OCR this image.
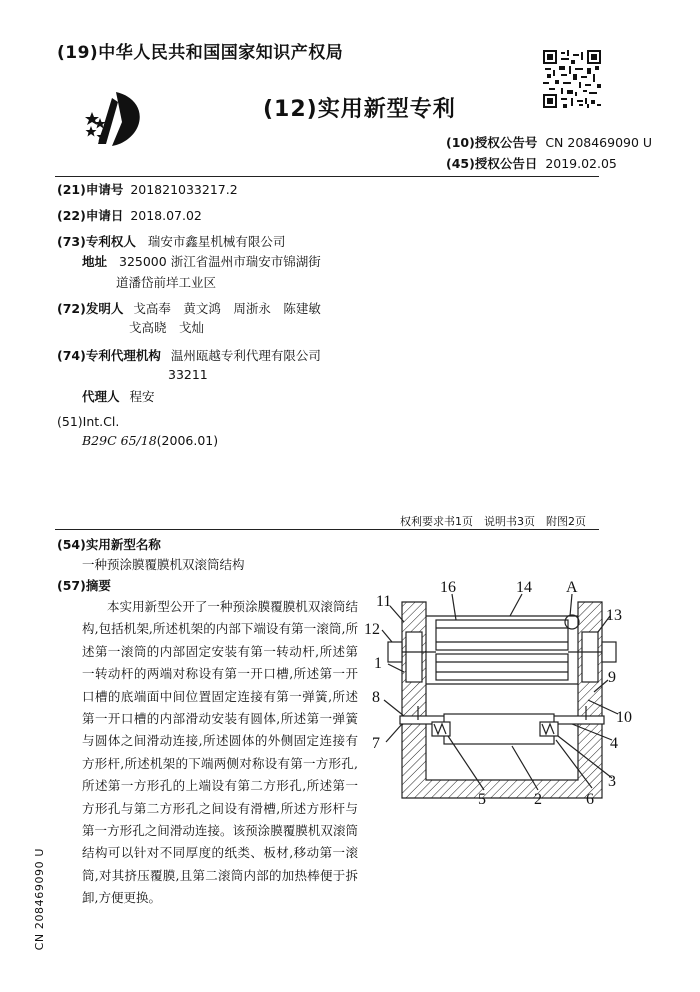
(19)中华人民共和国国家知识产权局
(12)实用新型专利
(10)授权公告号 CN 208469090 U
(45)授权公告日 2019.02.05
(21)申请号 201821033217.2
(22)申请日 2018.07.02
(73)专利权人 瑞安市鑫星机械有限公司
地址 325000 浙江省温州市瑞安市锦湖街
道潘岱前垟工业区
(72)发明人 戈高奉　黄文鸿　周浙永　陈建敏
戈高晓　戈灿
(74)专利代理机构 温州瓯越专利代理有限公司
33211
代理人 程安
(51)Int.Cl.
B29C 65/18(2006.01)
权利要求书1页　说明书3页　附图2页
(54)实用新型名称
一种预涂膜覆膜机双滚筒结构
(57)摘要
本实用新型公开了一种预涂膜覆膜机双滚筒结构,包括机架,所述机架的内部下端设有第一滚筒,所述第一滚筒的内部固定安装有第一转动杆,所述第一转动杆的两端对称设有第一开口槽,所述第一开口槽的底端面中间位置固定连接有第一弹簧,所述第一开口槽的内部滑动安装有圆体,所述第一弹簧与圆体之间滑动连接,所述圆体的外侧固定连接有方形杆,所述机架的下端两侧对称设有第一方形孔,所述第一方形孔的上端设有第二方形孔,所述第一方形孔与第二方形孔之间设有滑槽,所述方形杆与第一方形孔之间滑动连接。该预涂膜覆膜机双滚筒结构可以针对不同厚度的纸类、板材,移动第一滚筒,对其挤压覆膜,且第二滚筒内部的加热棒便于拆卸,方便更换。
CN 208469090 U
11
12
1
8
7
16	14 A
13
9
10
4
3
6
2
5
